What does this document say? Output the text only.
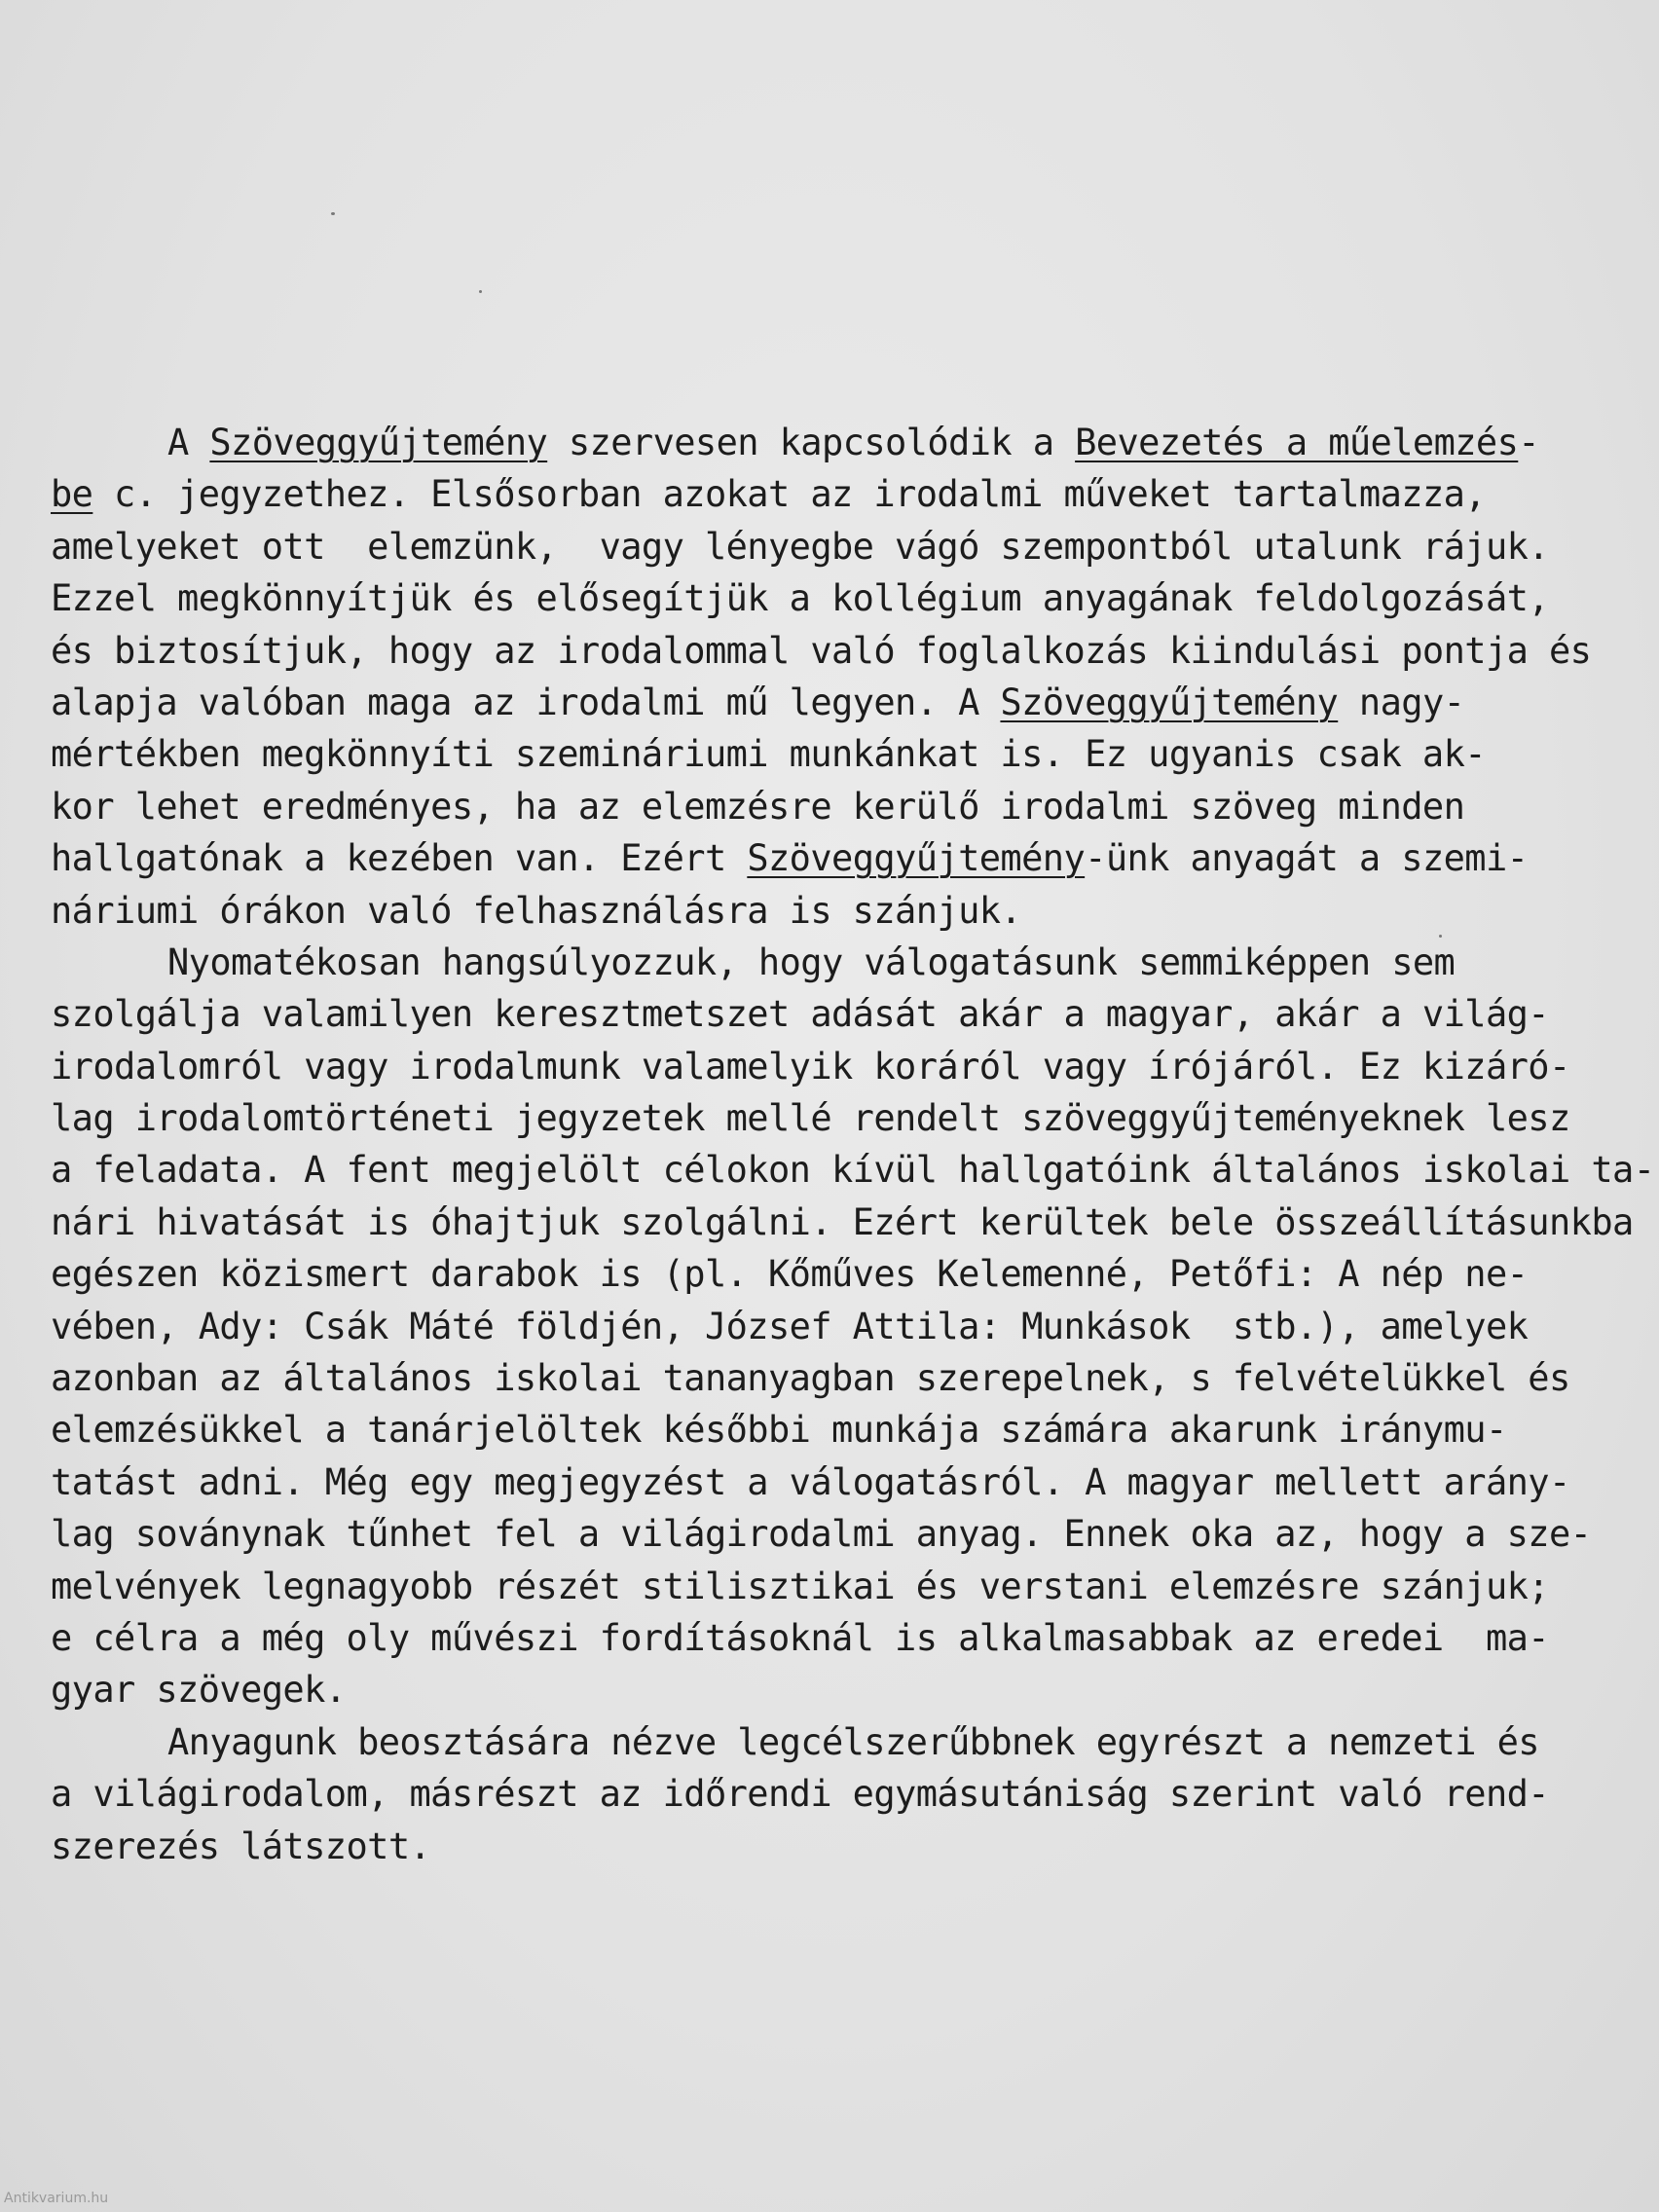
A Szöveggyűjtemény szervesen kapcsolódik a Bevezetés a műelemzés-
be c. jegyzethez. Elsősorban azokat az irodalmi műveket tartalmazza,
amelyeket ott  elemzünk,  vagy lényegbe vágó szempontból utalunk rájuk.
Ezzel megkönnyítjük és elősegítjük a kollégium anyagának feldolgozását,
és biztosítjuk, hogy az irodalommal való foglalkozás kiindulási pontja és
alapja valóban maga az irodalmi mű legyen. A Szöveggyűjtemény nagy-
mértékben megkönnyíti szemináriumi munkánkat is. Ez ugyanis csak ak-
kor lehet eredményes, ha az elemzésre kerülő irodalmi szöveg minden
hallgatónak a kezében van. Ezért Szöveggyűjtemény-ünk anyagát a szemi-
náriumi órákon való felhasználásra is szánjuk.
Nyomatékosan hangsúlyozzuk, hogy válogatásunk semmiképpen sem
szolgálja valamilyen keresztmetszet adását akár a magyar, akár a világ-
irodalomról vagy irodalmunk valamelyik koráról vagy írójáról. Ez kizáró-
lag irodalomtörténeti jegyzetek mellé rendelt szöveggyűjteményeknek lesz
a feladata. A fent megjelölt célokon kívül hallgatóink általános iskolai ta-
nári hivatását is óhajtjuk szolgálni. Ezért kerültek bele összeállításunkba
egészen közismert darabok is (pl. Kőműves Kelemenné, Petőfi: A nép ne-
vében, Ady: Csák Máté földjén, József Attila: Munkások  stb.), amelyek
azonban az általános iskolai tananyagban szerepelnek, s felvételükkel és
elemzésükkel a tanárjelöltek későbbi munkája számára akarunk iránymu-
tatást adni. Még egy megjegyzést a válogatásról. A magyar mellett arány-
lag soványnak tűnhet fel a világirodalmi anyag. Ennek oka az, hogy a sze-
melvények legnagyobb részét stilisztikai és verstani elemzésre szánjuk;
e célra a még oly művészi fordításoknál is alkalmasabbak az eredei  ma-
gyar szövegek.
Anyagunk beosztására nézve legcélszerűbbnek egyrészt a nemzeti és
a világirodalom, másrészt az időrendi egymásutániság szerint való rend-
szerezés látszott.
Antikvarium.hu
